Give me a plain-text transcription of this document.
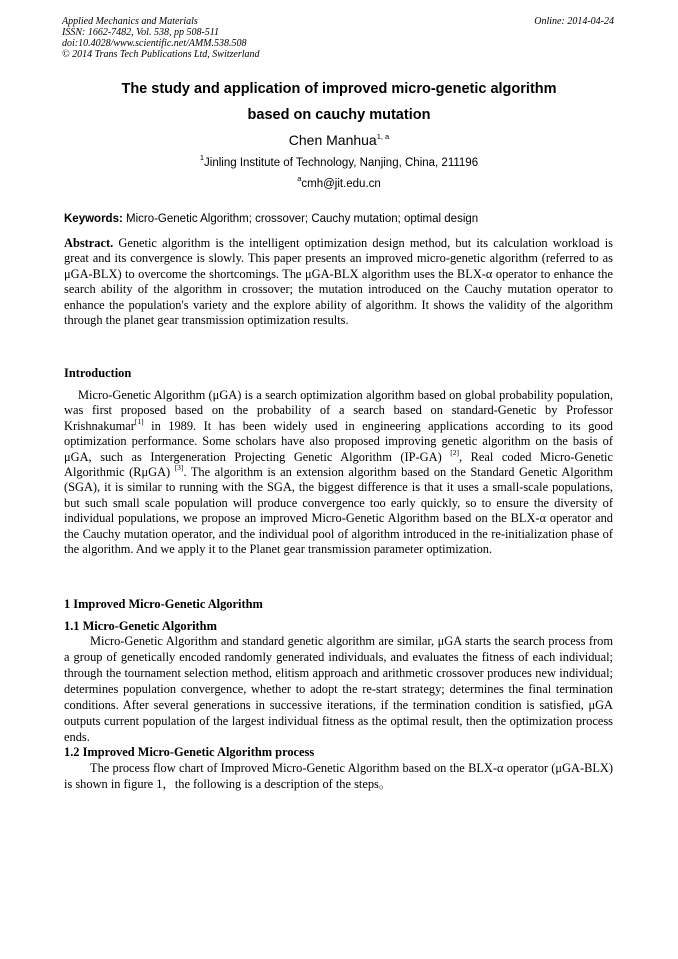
Applied Mechanics and Materials
ISSN: 1662-7482, Vol. 538, pp 508-511
doi:10.4028/www.scientific.net/AMM.538.508
© 2014 Trans Tech Publications Ltd, Switzerland
Online: 2014-04-24
The study and application of improved micro-genetic algorithm
based on cauchy mutation
Chen Manhua$^{1, a}$
$^1$Jinling Institute of Technology, Nanjing, China, 211196
$^a$cmh@jit.edu.cn
Keywords: Micro-Genetic Algorithm; crossover; Cauchy mutation; optimal design
Abstract. Genetic algorithm is the intelligent optimization design method, but its calculation workload is great and its convergence is slowly. This paper presents an improved micro-genetic algorithm (referred to as μGA-BLX) to overcome the shortcomings. The μGA-BLX algorithm uses the BLX-α operator to enhance the search ability of the algorithm in crossover; the mutation introduced on the Cauchy mutation operator to enhance the population's variety and the explore ability of algorithm. It shows the validity of the algorithm through the planet gear transmission optimization results.
Introduction
Micro-Genetic Algorithm (μGA) is a search optimization algorithm based on global probability population, was first proposed based on the probability of a search based on standard-Genetic by Professor Krishnakumar[1] in 1989. It has been widely used in engineering applications according to its good optimization performance. Some scholars have also proposed improving genetic algorithm on the basis of μGA, such as Intergeneration Projecting Genetic Algorithm (IP-GA) [2], Real coded Micro-Genetic Algorithmic (RμGA) [3]. The algorithm is an extension algorithm based on the Standard Genetic Algorithm (SGA), it is similar to running with the SGA, the biggest difference is that it uses a small-scale populations, but such small scale population will produce convergence too early quickly, so to ensure the diversity of individual populations, we propose an improved Micro-Genetic Algorithm based on the BLX-α operator and the Cauchy mutation operator, and the individual pool of algorithm introduced in the re-initialization phase of the algorithm. And we apply it to the Planet gear transmission parameter optimization.
1 Improved Micro-Genetic Algorithm
1.1 Micro-Genetic Algorithm
Micro-Genetic Algorithm and standard genetic algorithm are similar, μGA starts the search process from a group of genetically encoded randomly generated individuals, and evaluates the fitness of each individual; through the tournament selection method, elitism approach and arithmetic crossover produces new individual; determines population convergence, whether to adopt the re-start strategy; determines the final termination conditions. After several generations in successive iterations, if the termination condition is satisfied, μGA outputs current population of the largest individual fitness as the optimal result, then the optimization process ends.
1.2 Improved Micro-Genetic Algorithm process
The process flow chart of Improved Micro-Genetic Algorithm based on the BLX-α operator (μGA-BLX) is shown in figure 1，the following is a description of the steps。
